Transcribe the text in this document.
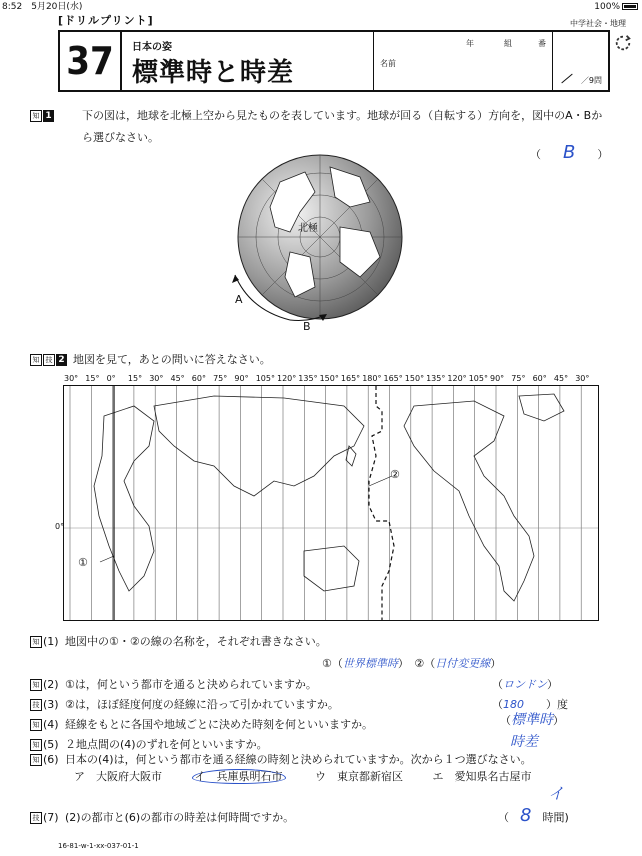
8:52　 5月20日(水)	100%
[ドリルプリント]	中学社会・地理
37	日本の姿
標準時と時差
年	組	番
名前
／9問
知 1	下の図は，地球を北極上空から見たものを表しています。地球が回る（自転する）方向を，図中のA・Bから選びなさい。
（　　B　　）
北極
A
B
知 技 2 地図を見て，あとの問いに答えなさい。
30° 15° 0° 15° 30° 45° 60° 75° 90° 105° 120° 135° 150° 165° 180° 165° 150° 135° 120° 105° 90° 75° 60° 45° 30°
0°
①
②
知 (1) 地図中の①・②の線の名称を，それぞれ書きなさい。
①（世界標準時）　②（日付変更線）
知 (2) ①は，何という都市を通ると決められていますか。	（ロンドン）
技 (3) ②は，ほぼ経度何度の経線に沿って引かれていますか。	（180　　）度
知 (4) 経線をもとに各国や地域ごとに決めた時刻を何といいますか。	（標準時）
知 (5) ２地点間の(4)のずれを何といいますか。	時差
知 (6) 日本の(4)は，何という都市を通る経線の時刻と決められていますか。次から１つ選びなさい。
ア　大阪府大阪市	イ　兵庫県明石市	ウ　東京都新宿区	エ　愛知県名古屋市
イ
技 (7) (2)の都市と(6)の都市の時差は何時間ですか。	（　8　 時間)
16-81-w-1-xx-037-01-1
